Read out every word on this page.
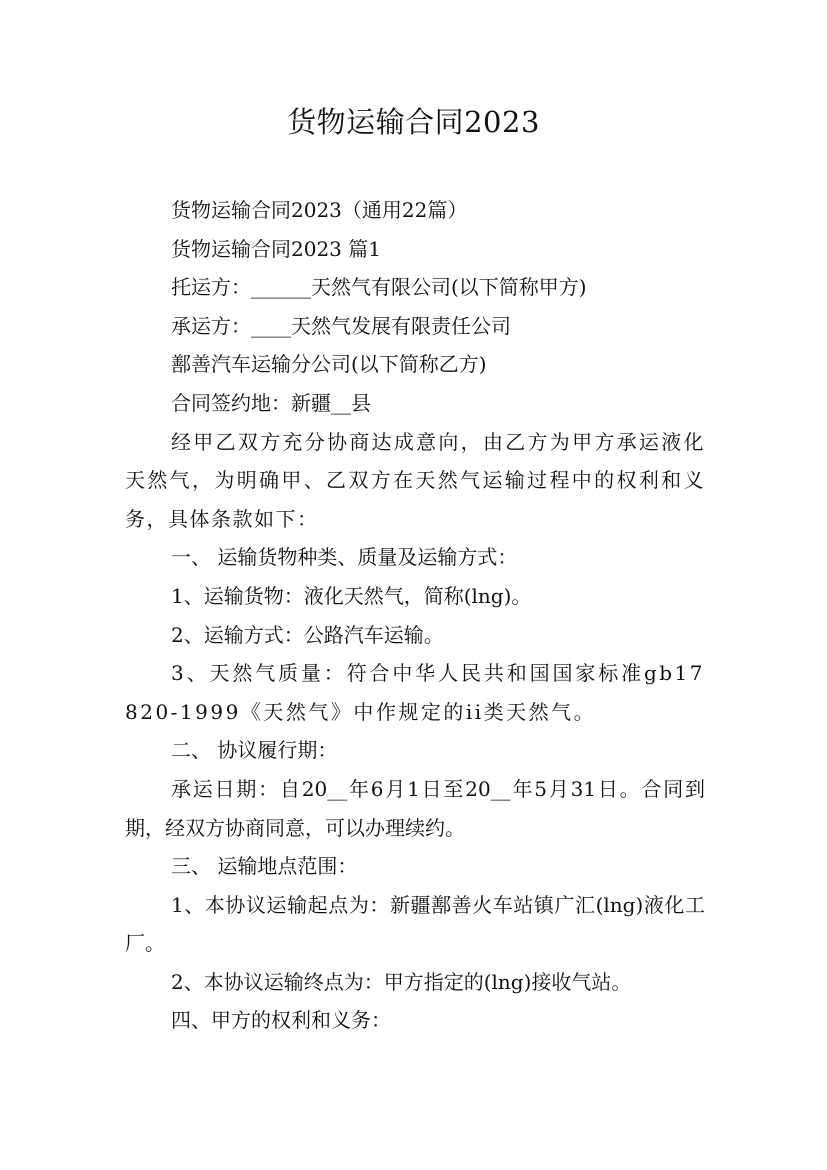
货物运输合同2023

货物运输合同2023（通用22篇）

货物运输合同2023 篇1

托运方：______天然气有限公司(以下简称甲方)

承运方：____天然气发展有限责任公司

鄯善汽车运输分公司(以下简称乙方)

合同签约地：新疆__县

经甲乙双方充分协商达成意向，由乙方为甲方承运液化天然气，为明确甲、乙双方在天然气运输过程中的权利和义务，具体条款如下：

一、 运输货物种类、质量及运输方式：

1、运输货物：液化天然气，简称(lng)。

2、运输方式：公路汽车运输。

3、天然气质量：符合中华人民共和国国家标准gb17820-1999《天然气》中作规定的ii类天然气。

二、 协议履行期：

承运日期：自20__年6月1日至20__年5月31日。合同到期，经双方协商同意，可以办理续约。

三、 运输地点范围：

1、本协议运输起点为：新疆鄯善火车站镇广汇(lng)液化工厂。

2、本协议运输终点为：甲方指定的(lng)接收气站。

四、甲方的权利和义务：
